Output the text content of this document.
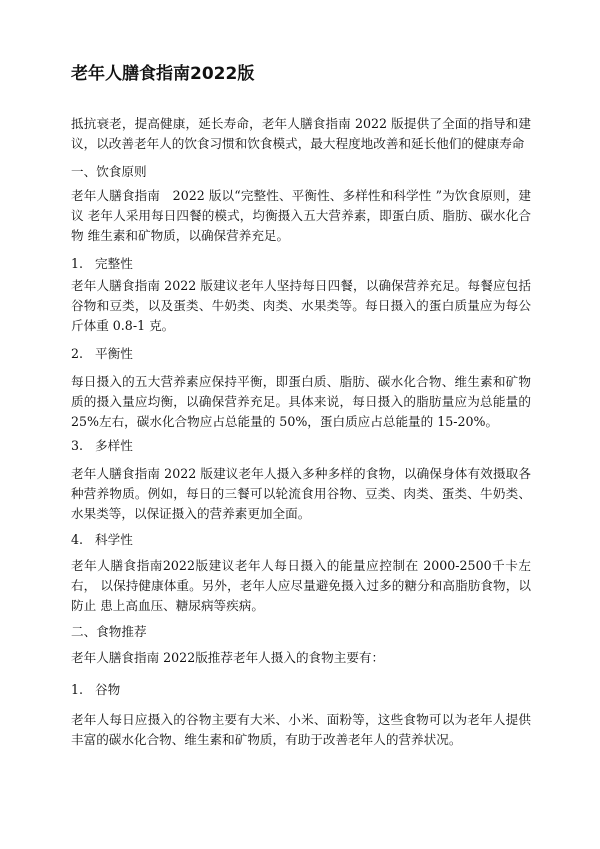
老年人膳食指南2022版

抵抗衰老，提高健康，延长寿命，老年人膳食指南 2022 版提供了全面的指导和建 议，以改善老年人的饮食习惯和饮食模式，最大程度地改善和延长他们的健康寿命

一、饮食原则

老年人膳食指南　2022 版以“完整性、平衡性、多样性和科学性 ”为饮食原则，建议 老年人采用每日四餐的模式，均衡摄入五大营养素，即蛋白质、脂肪、碳水化合物 维生素和矿物质，以确保营养充足。

1. 完整性

老年人膳食指南 2022 版建议老年人坚持每日四餐，以确保营养充足。每餐应包括 谷物和豆类，以及蛋类、牛奶类、肉类、水果类等。每日摄入的蛋白质量应为每公　斤体重 0.8-1 克。

2. 平衡性

每日摄入的五大营养素应保持平衡，即蛋白质、脂肪、碳水化合物、维生素和矿物 质的摄入量应均衡，以确保营养充足。具体来说，每日摄入的脂肪量应为总能量的 25%左右，碳水化合物应占总能量的 50%，蛋白质应占总能量的 15-20%。

3. 多样性

老年人膳食指南 2022 版建议老年人摄入多种多样的食物，以确保身体有效摄取各 种营养物质。例如，每日的三餐可以轮流食用谷物、豆类、肉类、蛋类、牛奶类、 水果类等，以保证摄入的营养素更加全面。

4. 科学性

老年人膳食指南2022版建议老年人每日摄入的能量应控制在 2000-2500千卡左右， 以保持健康体重。另外，老年人应尽量避免摄入过多的糖分和高脂肪食物，以防止 患上高血压、糖尿病等疾病。

二、食物推荐

老年人膳食指南 2022版推荐老年人摄入的食物主要有：

1. 谷物

老年人每日应摄入的谷物主要有大米、小米、面粉等，这些食物可以为老年人提供 丰富的碳水化合物、维生素和矿物质，有助于改善老年人的营养状况。
